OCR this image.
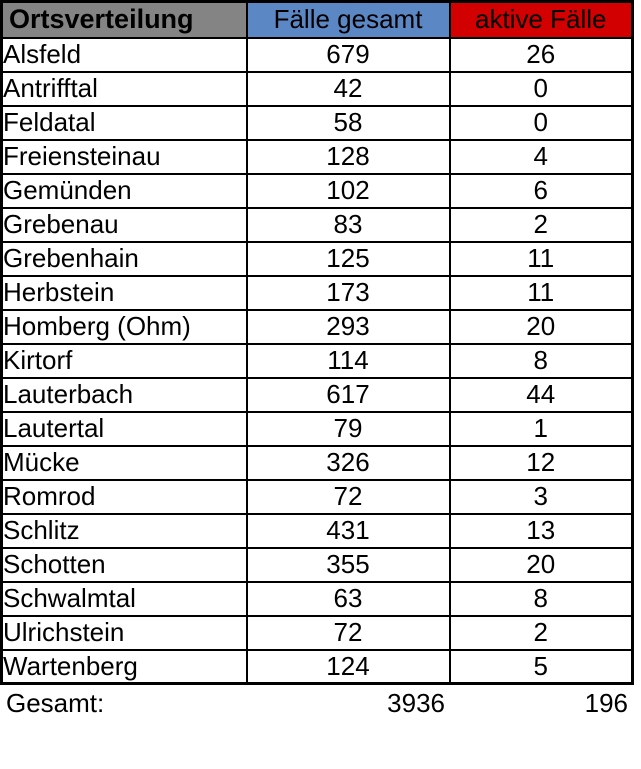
Ortsverteilung	Fälle gesamt	aktive Fälle
Alsfeld	679	26
Antrifftal	42	0
Feldatal	58	0
Freiensteinau	128	4
Gemünden	102	6
Grebenau	83	2
Grebenhain	125	11
Herbstein	173	11
Homberg (Ohm)	293	20
Kirtorf	114	8
Lauterbach	617	44
Lautertal	79	1
Mücke	326	12
Romrod	72	3
Schlitz	431	13
Schotten	355	20
Schwalmtal	63	8
Ulrichstein	72	2
Wartenberg	124	5
Gesamt:	3936	196
